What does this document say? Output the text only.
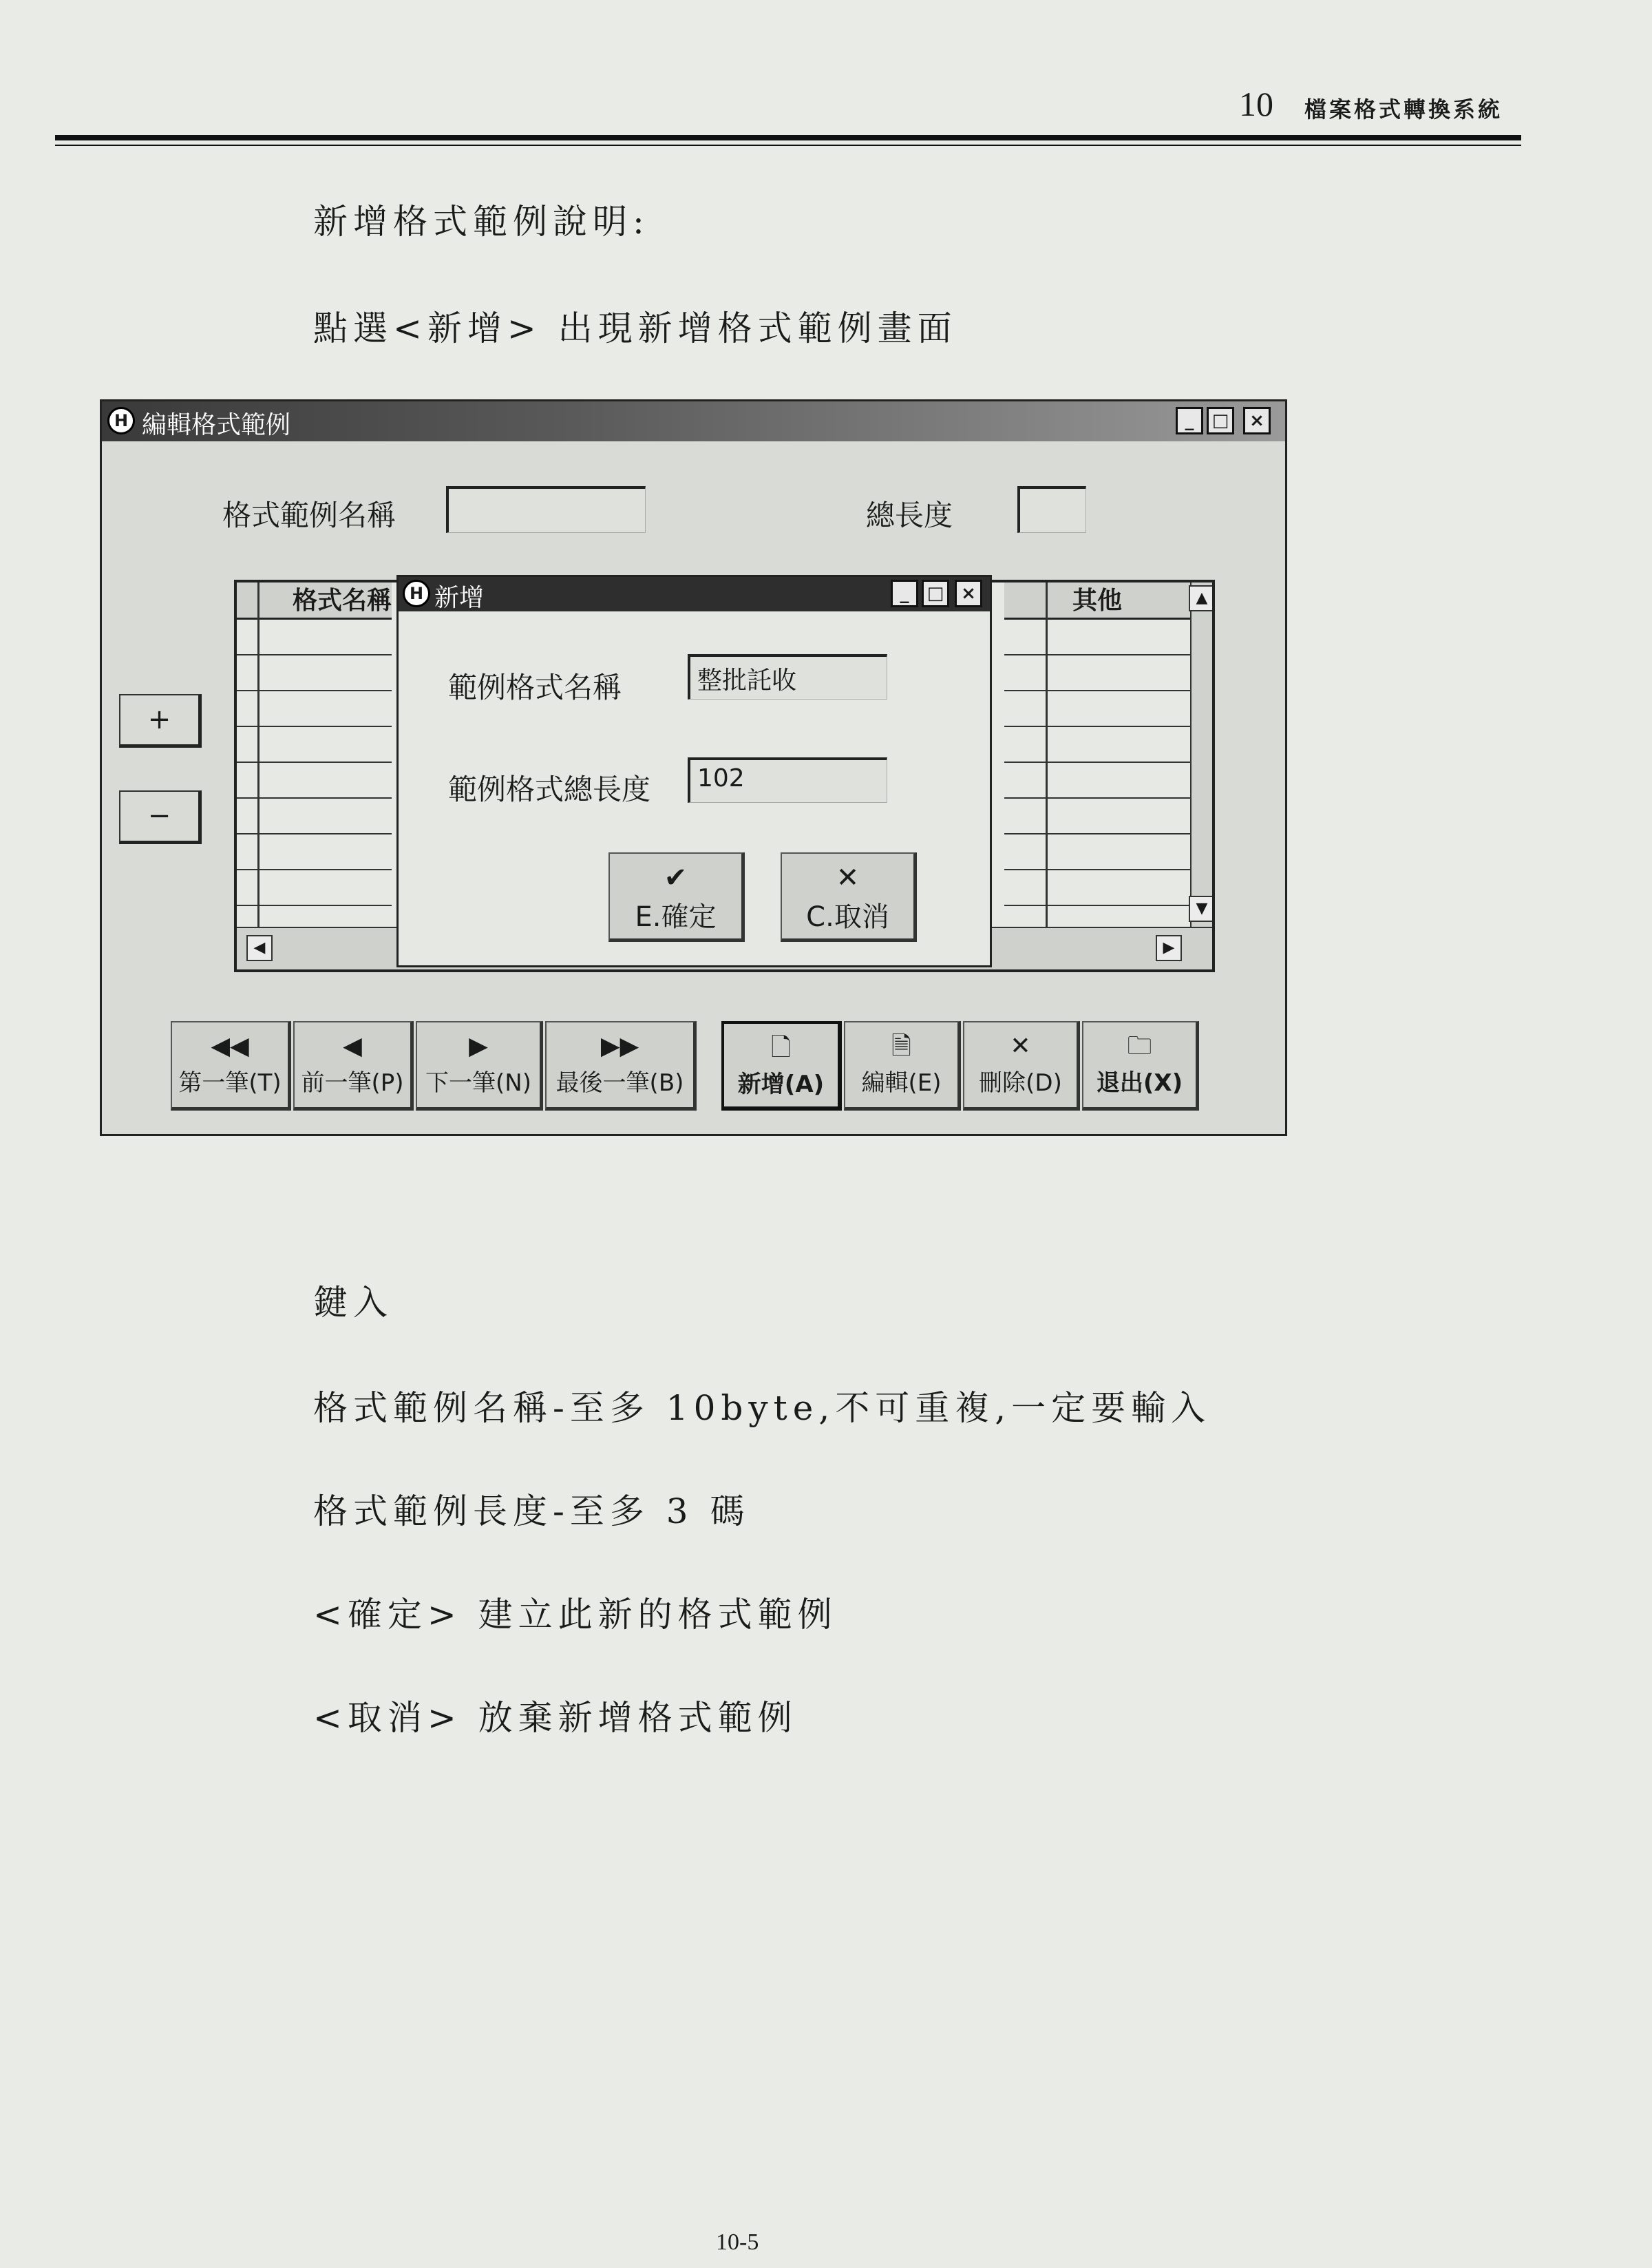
10 檔案格式轉換系統
新增格式範例說明:
點選<新增> 出現新增格式範例畫面
H 編輯格式範例	_	□	×
格式範例名稱	總長度
+
−
格式名稱	其他	▲
▼
◀	▶
H 新增	_	□ ×
範例格式名稱	整批託收
範例格式總長度	102
✔
E.確定
✕
C.取消
◀◀
第一筆(T)
◀
前一筆(P)
▶
下一筆(N)
▶▶
最後一筆(B)
🗋
新增(A)
🗎
編輯(E)
✕
刪除(D)
🗀
退出(X)
鍵入
格式範例名稱-至多 10byte,不可重複,一定要輸入
格式範例長度-至多 3 碼
<確定> 建立此新的格式範例
<取消> 放棄新增格式範例
10-5
